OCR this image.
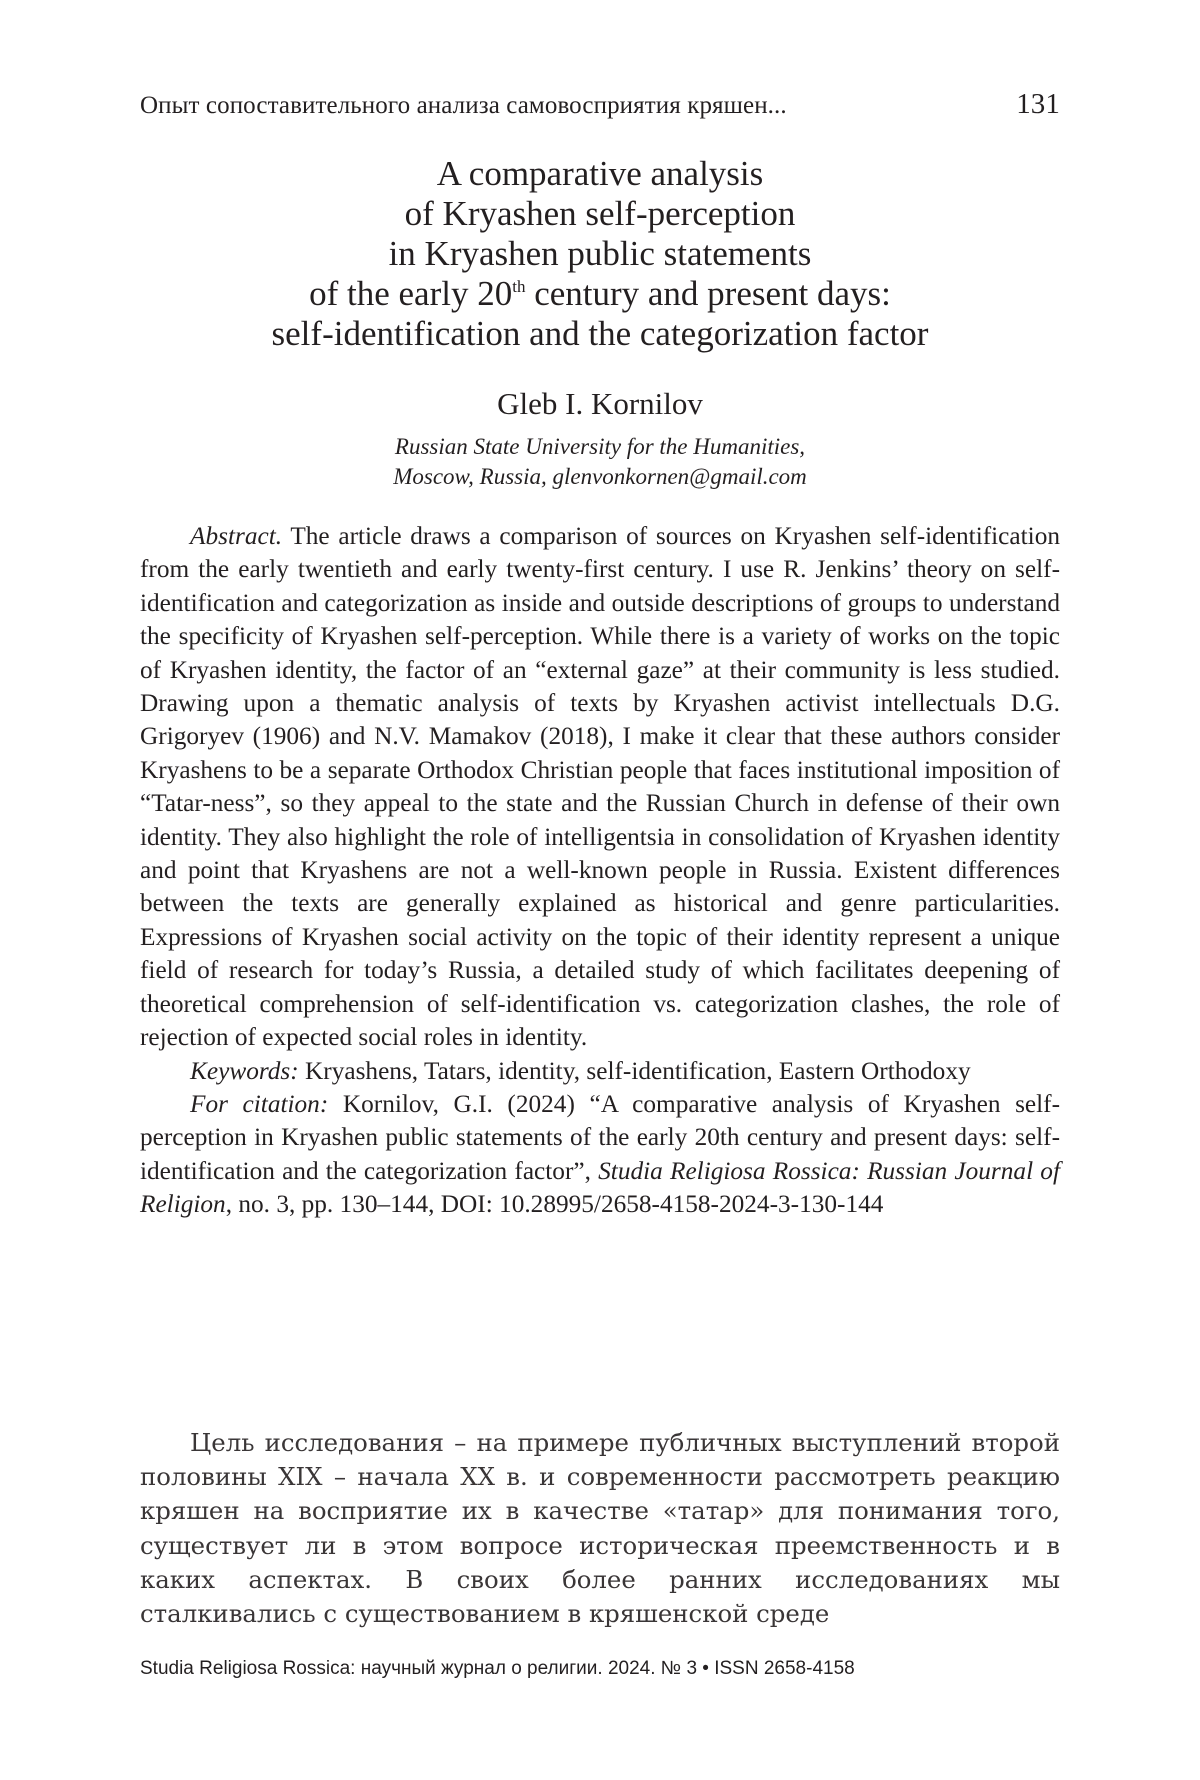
Опыт сопоставительного анализа самовосприятия кряшен...	131
A comparative analysis
of Kryashen self-perception
in Kryashen public statements
of the early 20th century and present days:
self-identification and the categorization factor
Gleb I. Kornilov
Russian State University for the Humanities,
Moscow, Russia, glenvonkornen@gmail.com

Abstract. The article draws a comparison of sources on Kryashen self-identification from the early twentieth and early twenty-first century. I use R. Jenkins’ theory on self-identification and categorization as inside and outside descriptions of groups to understand the specificity of Kryashen self-perception. While there is a variety of works on the topic of Kryashen identity, the factor of an “external gaze” at their community is less studied. Drawing upon a thematic analysis of texts by Kryashen activist intellectuals D.G. Grigoryev (1906) and N.V. Mamakov (2018), I make it clear that these authors consider Kryashens to be a separate Orthodox Christian people that faces institutional imposition of “Tatar-ness”, so they appeal to the state and the Russian Church in defense of their own identity. They also highlight the role of intelligentsia in consolidation of Kryashen identity and point that Kryashens are not a well-known people in Russia. Existent differences between the texts are generally explained as historical and genre particularities. Expressions of Kryashen social activity on the topic of their identity represent a unique field of research for today’s Russia, a detailed study of which facilitates deepening of theoretical comprehension of self-identification vs. categorization clashes, the role of rejection of expected social roles in identity.

Keywords: Kryashens, Tatars, identity, self-identification, Eastern Orthodoxy

For citation: Kornilov, G.I. (2024) “A comparative analysis of Kryashen self-perception in Kryashen public statements of the early 20th century and present days: self-identification and the categorization factor”, Studia Religiosa Rossica: Russian Journal of Religion, no. 3, pp. 130–144, DOI: 10.28995/2658-4158-2024-3-130-144

Цель исследования – на примере публичных выступлений второй половины XIX – начала XX в. и современности рассмотреть реакцию кряшен на восприятие их в качестве «татар» для понимания того, существует ли в этом вопросе историческая преемственность и в каких аспектах. В своих более ранних исследованиях мы сталкивались с существованием в кряшенской среде

Studia Religiosa Rossica: научный журнал о религии. 2024. № 3 • ISSN 2658-4158
